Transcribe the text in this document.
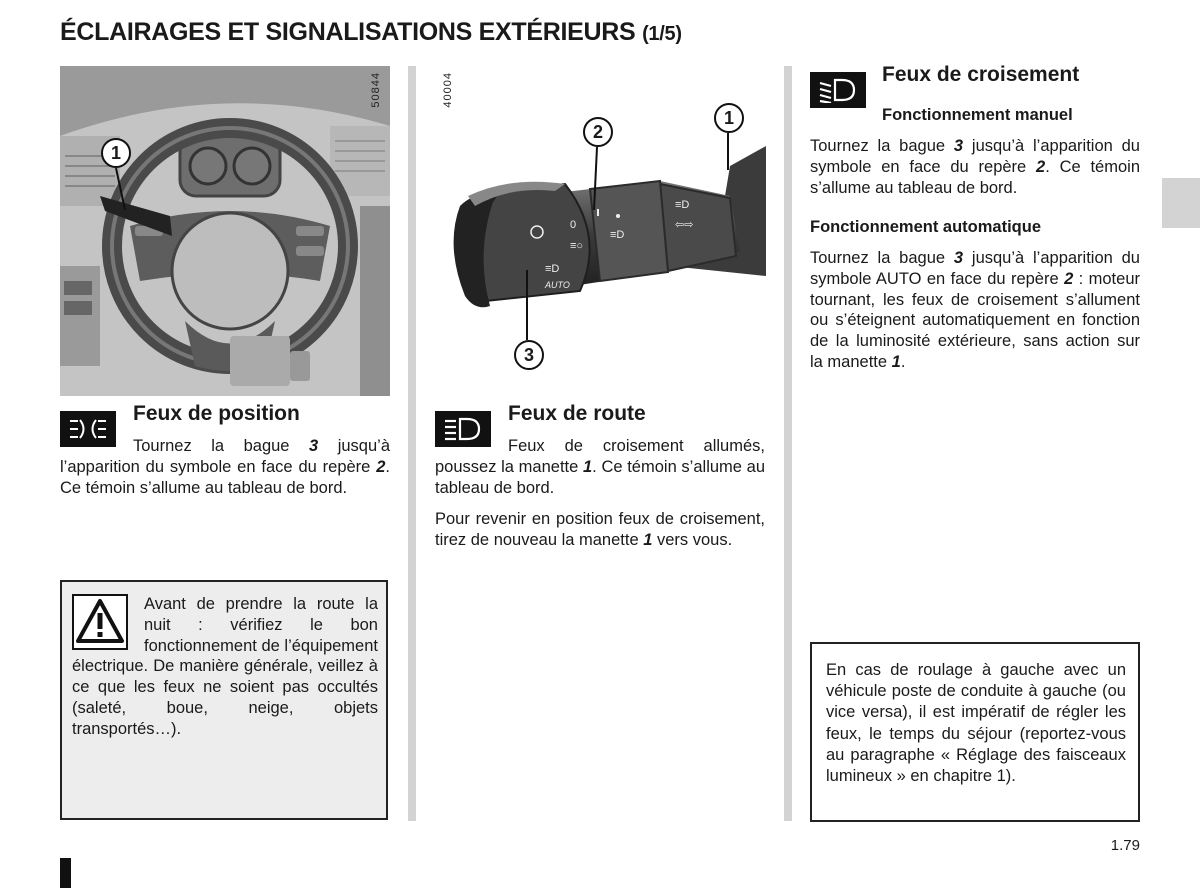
ÉCLAIRAGES ET SIGNALISATIONS EXTÉRIEURS (1/5)
50844
1
0
≡○
≡D
AUTO
≡D
≡D
⇦⇨
40004
2
1
3
Feux de position

Tournez la bague 3 jusqu’à l’apparition du symbole en face du repère 2. Ce témoin s’allume au tableau de bord.

Feux de route

Feux de croisement allumés, poussez la manette 1. Ce témoin s’allume au tableau de bord.

Pour revenir en position feux de croisement, tirez de nouveau la manette 1 vers vous.

Feux de croisement
Fonctionnement manuel

Tournez la bague 3 jusqu’à l’apparition du symbole en face du repère 2. Ce témoin s’allume au tableau de bord.

Fonctionnement automatique

Tournez la bague 3 jusqu’à l’apparition du symbole AUTO en face du repère 2 : moteur tournant, les feux de croisement s’allument ou s’éteignent automatiquement en fonction de la luminosité extérieure, sans action sur la manette 1.

Avant de prendre la route la nuit : vérifiez le bon fonctionnement de l’équipement électrique. De manière générale, veillez à ce que les feux ne soient pas occultés (saleté, boue, neige, objets transportés…).
En cas de roulage à gauche avec un véhicule poste de conduite à gauche (ou vice versa), il est impératif de régler les feux, le temps du séjour (reportez-vous au paragraphe « Réglage des faisceaux lumineux » en chapitre 1).
1.79
